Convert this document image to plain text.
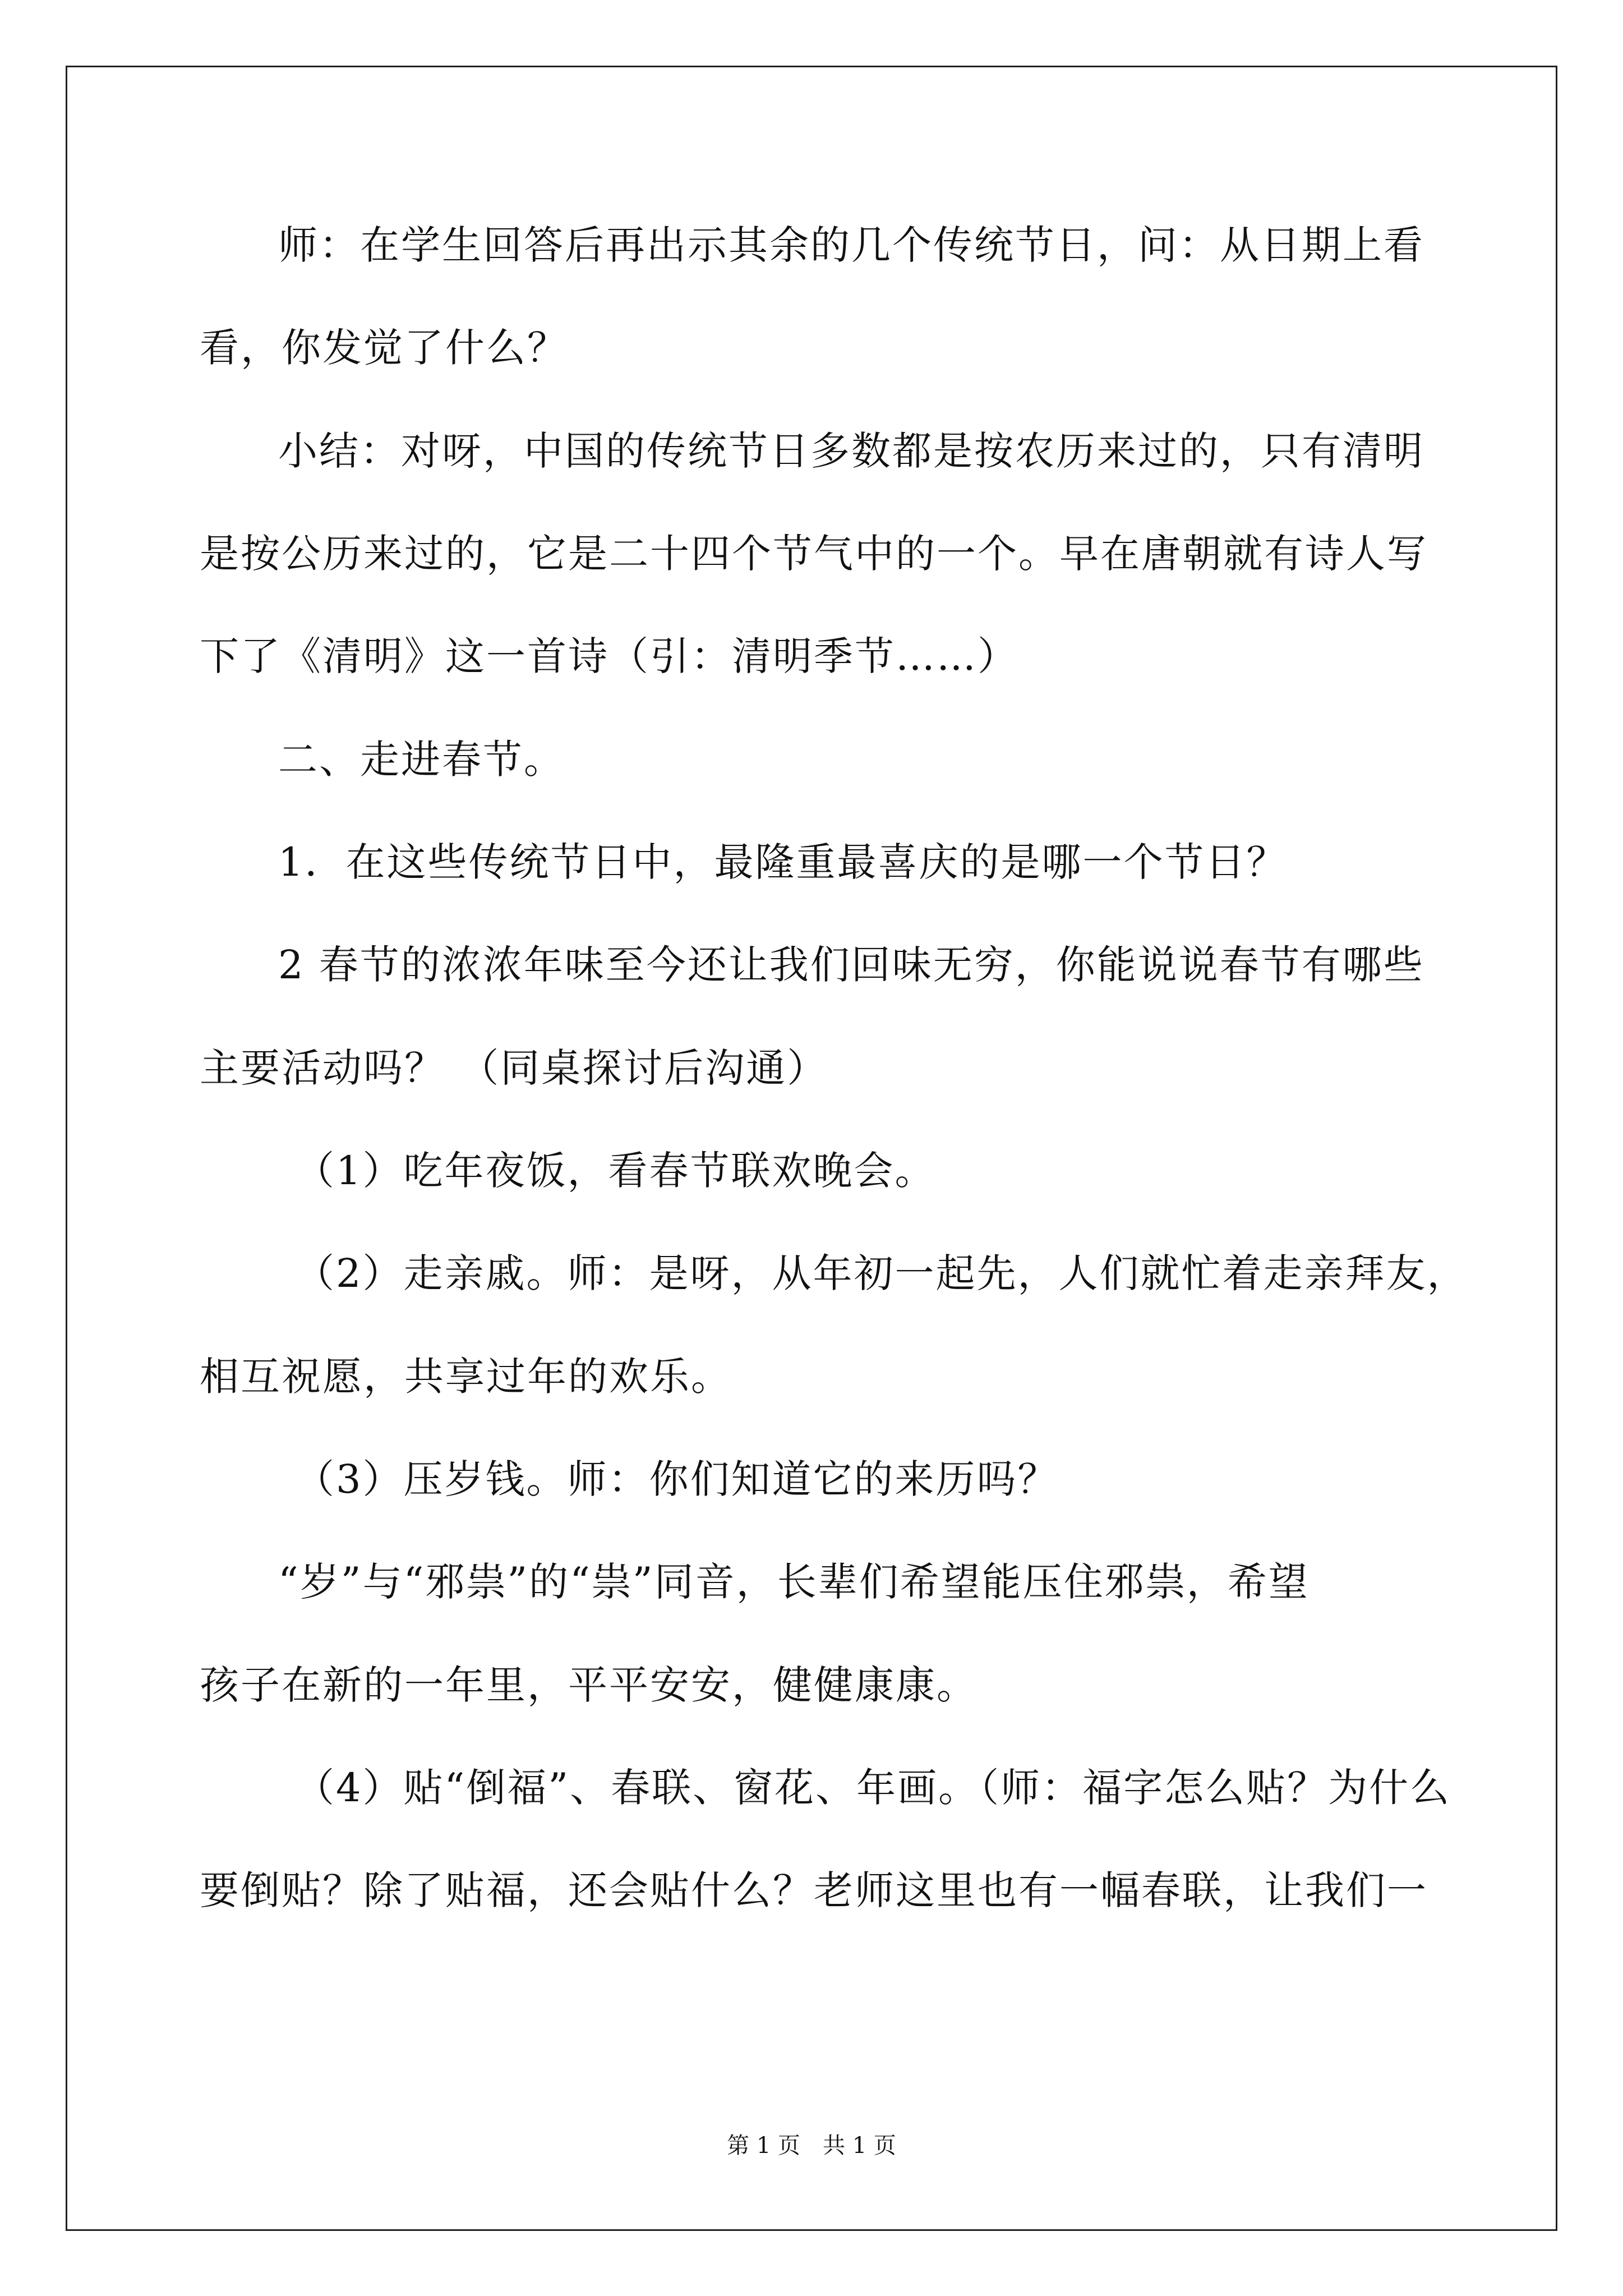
师：在学生回答后再出示其余的几个传统节日，问：从日期上看
看，你发觉了什么？
小结：对呀，中国的传统节日多数都是按农历来过的，只有清明
是按公历来过的，它是二十四个节气中的一个。早在唐朝就有诗人写
下了《清明》这一首诗（引：清明季节……）
二、走进春节。
1．在这些传统节日中，最隆重最喜庆的是哪一个节日？
2 春节的浓浓年味至今还让我们回味无穷，你能说说春节有哪些
主要活动吗？ （同桌探讨后沟通）
（1）吃年夜饭，看春节联欢晚会。
（2）走亲戚。师：是呀，从年初一起先，人们就忙着走亲拜友，
相互祝愿，共享过年的欢乐。
（3）压岁钱。师：你们知道它的来历吗？
“岁”与“邪祟”的“祟”同音，长辈们希望能压住邪祟，希望
孩子在新的一年里，平平安安，健健康康。
（4）贴“倒福”、春联、窗花、年画。（师：福字怎么贴？为什么
要倒贴？除了贴福，还会贴什么？老师这里也有一幅春联，让我们一
第 1 页　共 1 页
